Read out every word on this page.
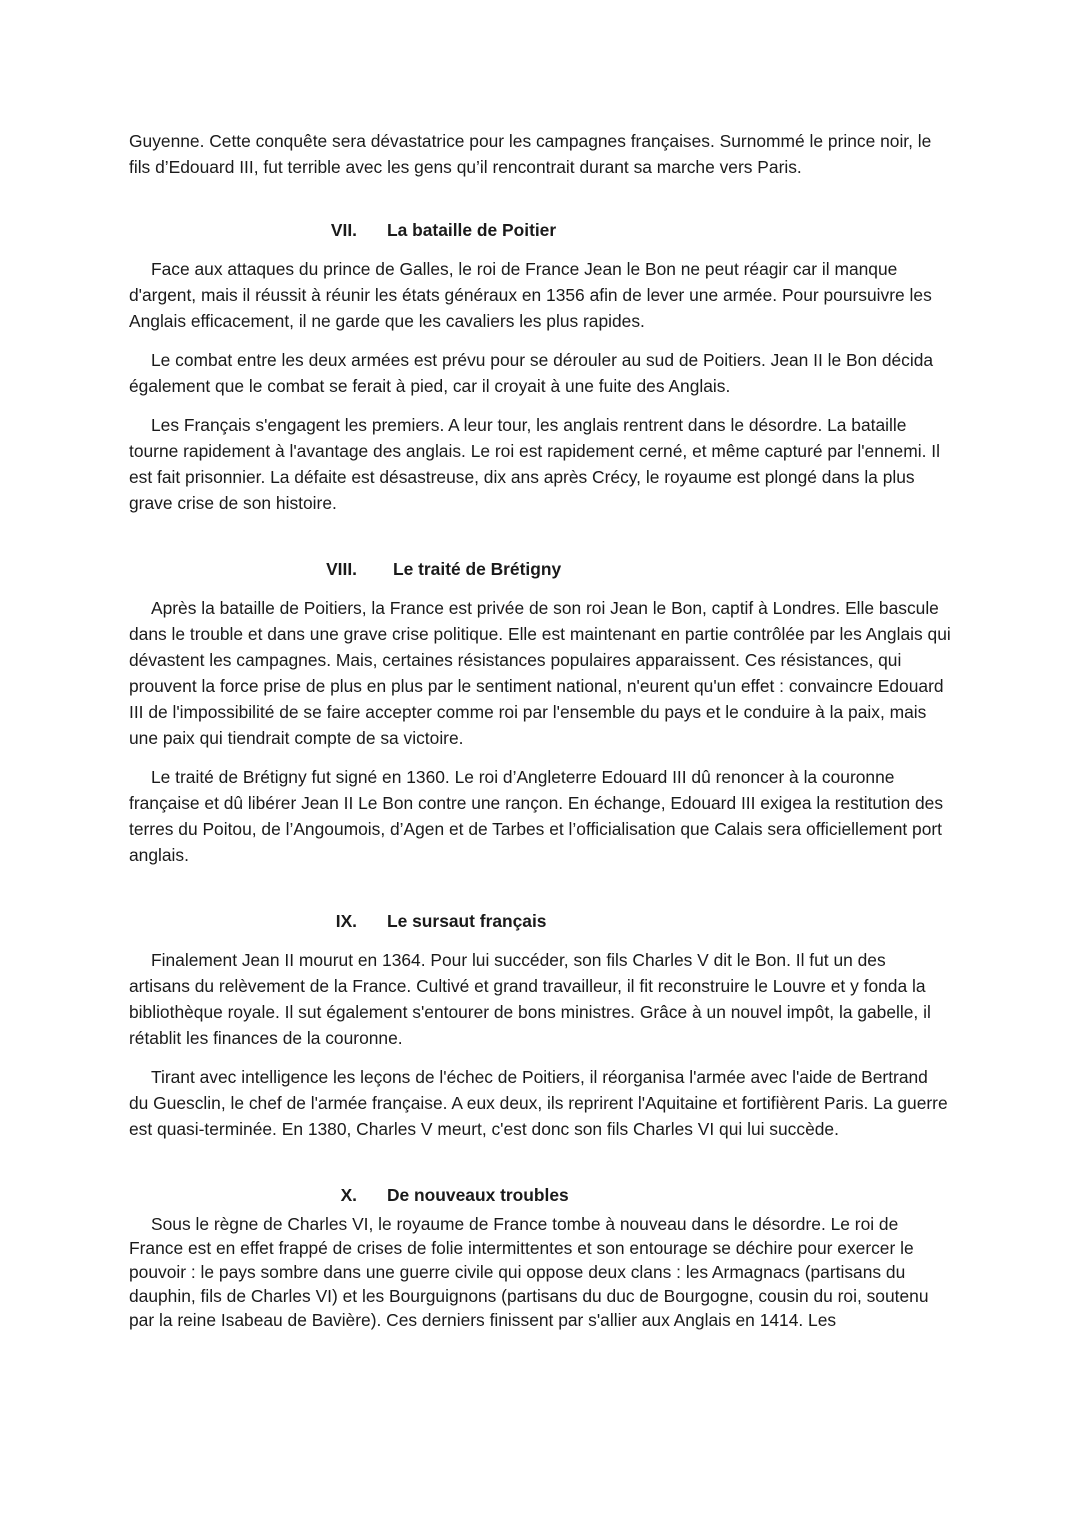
Guyenne. Cette conquête sera dévastatrice pour les campagnes françaises. Surnommé le prince noir, le fils d’Edouard III, fut terrible avec les gens qu’il rencontrait durant sa marche vers Paris.

VII. La bataille de Poitier

Face aux attaques du prince de Galles, le roi de France Jean le Bon ne peut réagir car il manque d'argent, mais il réussit à réunir les états généraux en 1356 afin de lever une armée. Pour poursuivre les Anglais efficacement, il ne garde que les cavaliers les plus rapides.

Le combat entre les deux armées est prévu pour se dérouler au sud de Poitiers. Jean II le Bon décida également que le combat se ferait à pied, car il croyait à une fuite des Anglais.

Les Français s'engagent les premiers. A leur tour, les anglais rentrent dans le désordre. La bataille tourne rapidement à l'avantage des anglais. Le roi est rapidement cerné, et même capturé par l'ennemi. Il est fait prisonnier. La défaite est désastreuse, dix ans après Crécy, le royaume est plongé dans la plus grave crise de son histoire.

VIII. Le traité de Brétigny

Après la bataille de Poitiers, la France est privée de son roi Jean le Bon, captif à Londres. Elle bascule dans le trouble et dans une grave crise politique. Elle est maintenant en partie contrôlée par les Anglais qui dévastent les campagnes. Mais, certaines résistances populaires apparaissent. Ces résistances, qui prouvent la force prise de plus en plus par le sentiment national, n'eurent qu'un effet : convaincre Edouard III de l'impossibilité de se faire accepter comme roi par l'ensemble du pays et le conduire à la paix, mais une paix qui tiendrait compte de sa victoire.

Le traité de Brétigny fut signé en 1360. Le roi d’Angleterre Edouard III dû renoncer à la couronne française et dû libérer Jean II Le Bon contre une rançon. En échange, Edouard III exigea la restitution des terres du Poitou, de l’Angoumois, d’Agen et de Tarbes et l’officialisation que Calais sera officiellement port anglais.

IX. Le sursaut français

Finalement Jean II mourut en 1364. Pour lui succéder, son fils Charles V dit le Bon. Il fut un des artisans du relèvement de la France. Cultivé et grand travailleur, il fit reconstruire le Louvre et y fonda la bibliothèque royale. Il sut également s'entourer de bons ministres. Grâce à un nouvel impôt, la gabelle, il rétablit les finances de la couronne.

Tirant avec intelligence les leçons de l'échec de Poitiers, il réorganisa l'armée avec l'aide de Bertrand du Guesclin, le chef de l'armée française. A eux deux, ils reprirent l'Aquitaine et fortifièrent Paris. La guerre est quasi-terminée. En 1380, Charles V meurt, c'est donc son fils Charles VI qui lui succède.

X. De nouveaux troubles

Sous le règne de Charles VI, le royaume de France tombe à nouveau dans le désordre. Le roi de France est en effet frappé de crises de folie intermittentes et son entourage se déchire pour exercer le pouvoir : le pays sombre dans une guerre civile qui oppose deux clans : les Armagnacs (partisans du dauphin, fils de Charles VI) et les Bourguignons (partisans du duc de Bourgogne, cousin du roi, soutenu par la reine Isabeau de Bavière). Ces derniers finissent par s'allier aux Anglais en 1414. Les
